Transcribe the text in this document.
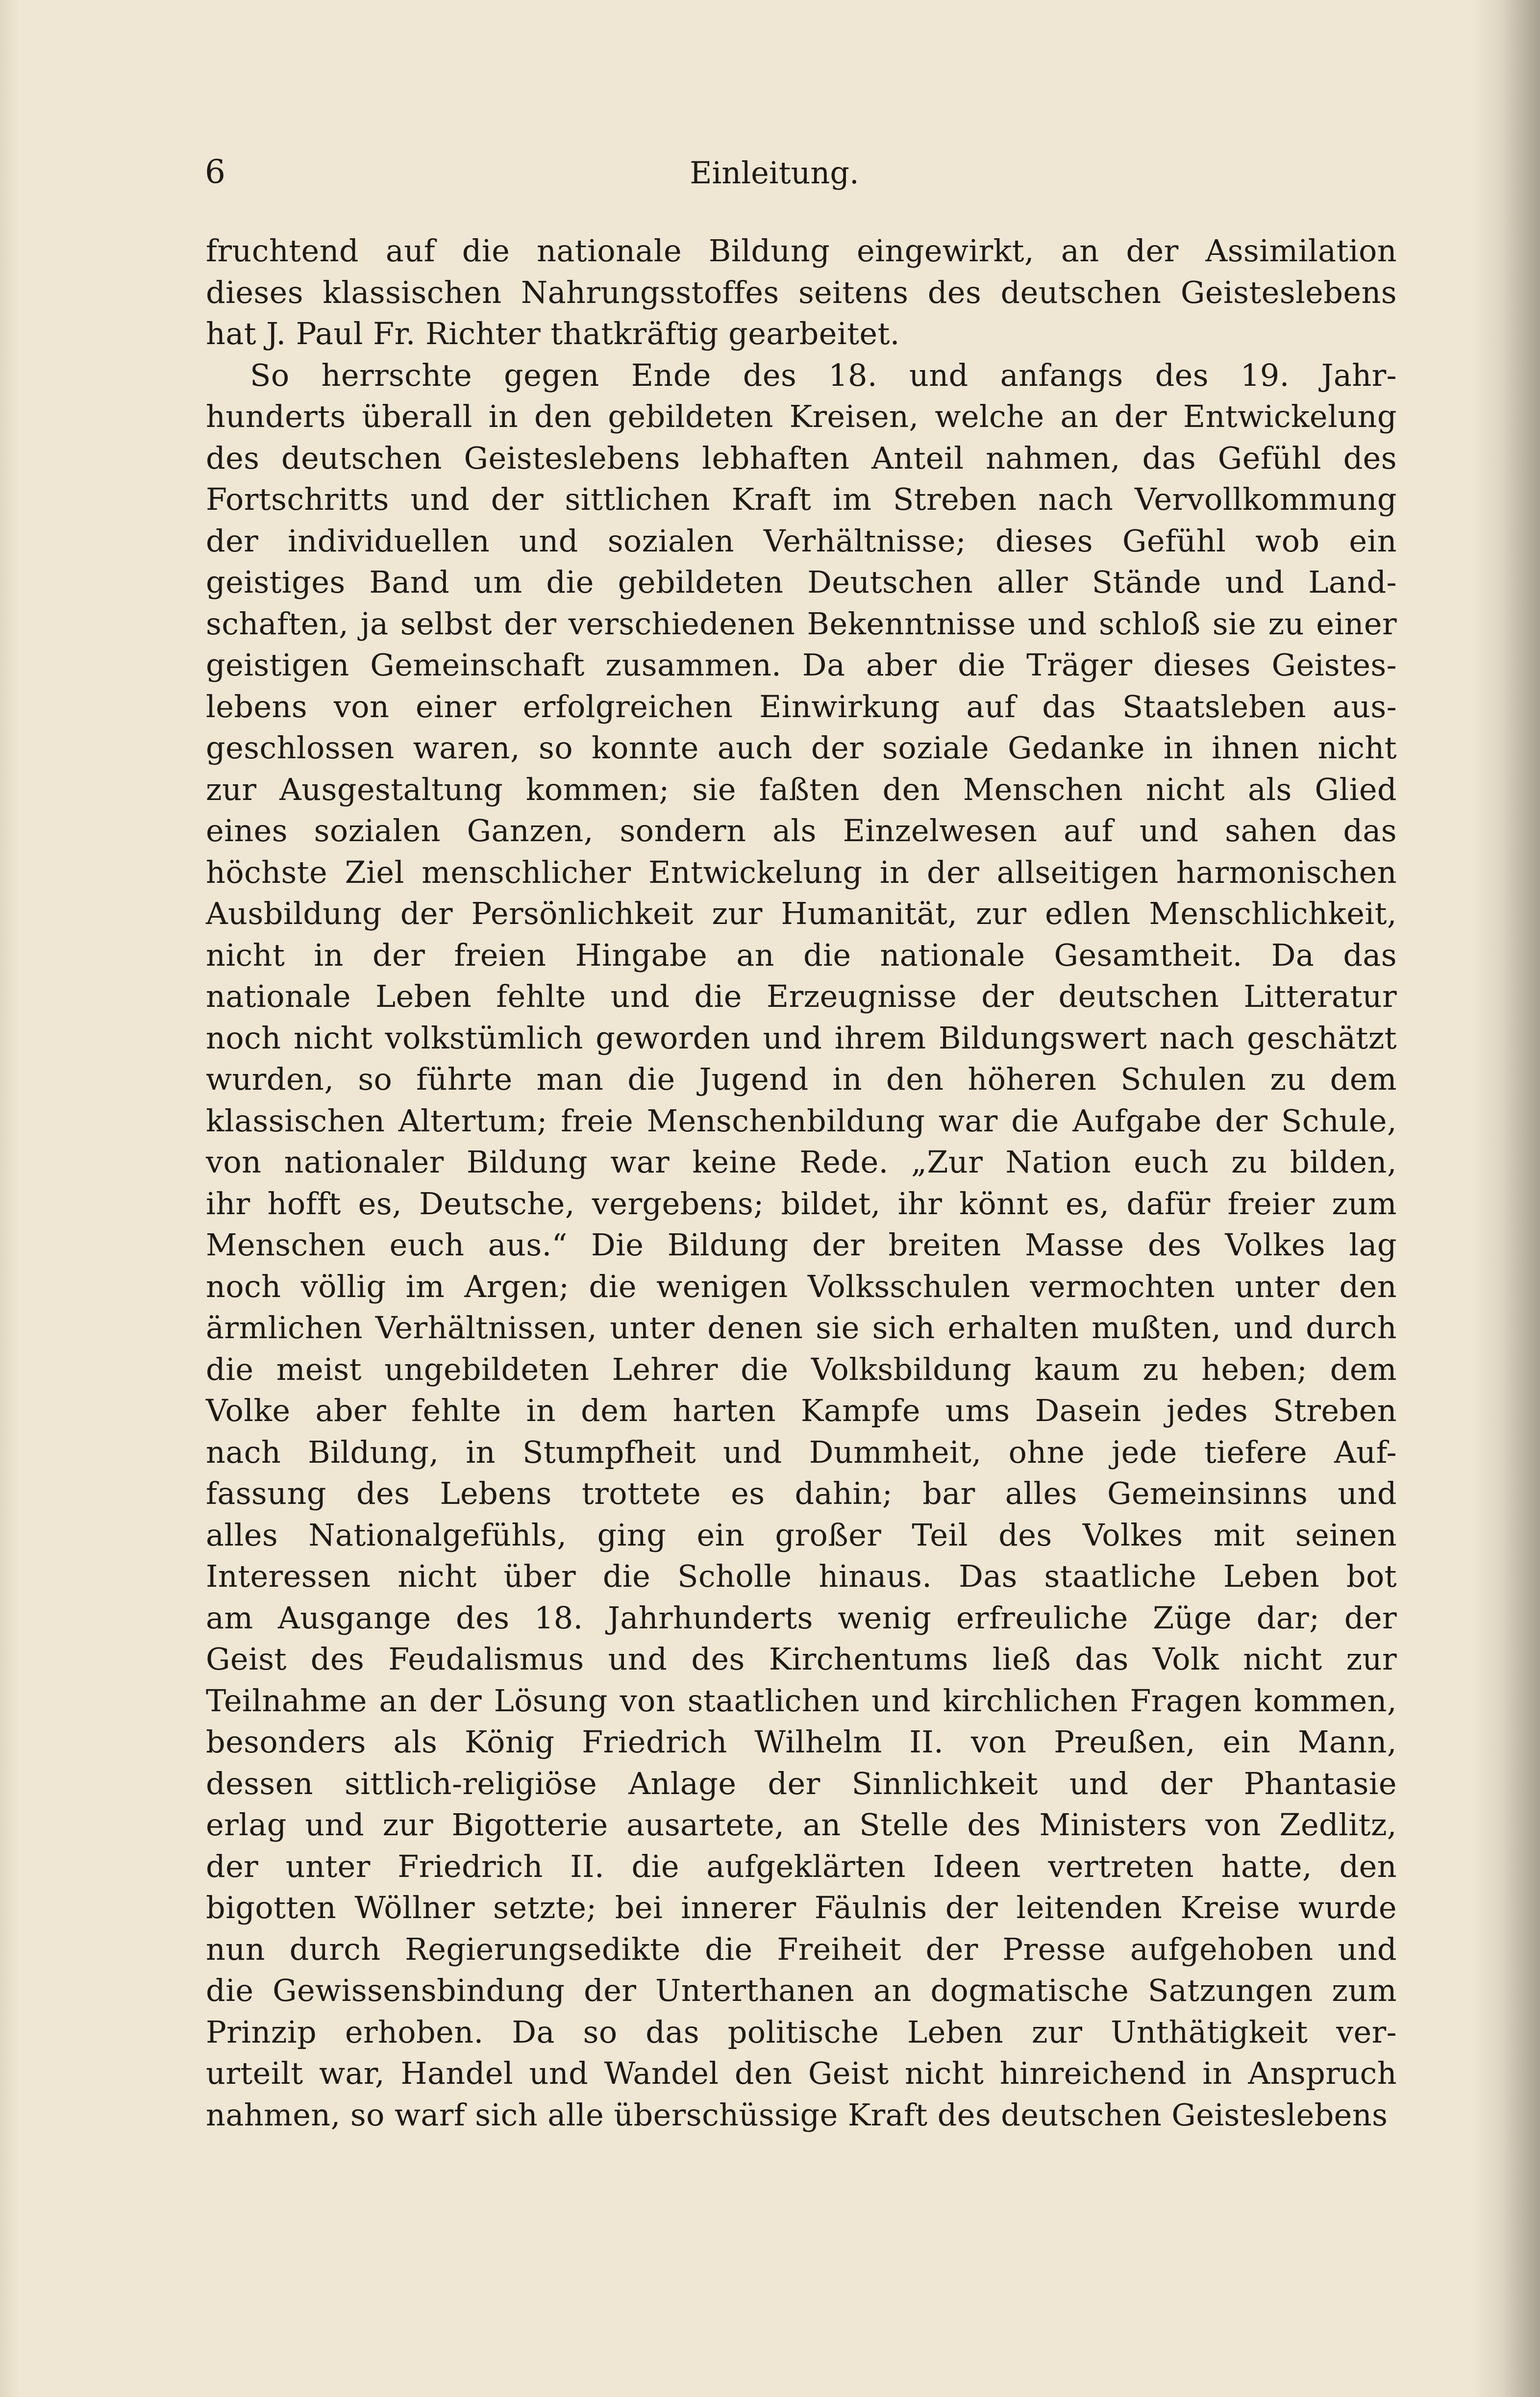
6	Einleitung.
fruchtend auf die nationale Bildung eingewirkt, an der Assimilation
dieses klassischen Nahrungsstoffes seitens des deutschen Geisteslebens
hat J. Paul Fr. Richter thatkräftig gearbeitet.
So herrschte gegen Ende des 18. und anfangs des 19. Jahr-
hunderts überall in den gebildeten Kreisen, welche an der Entwickelung
des deutschen Geisteslebens lebhaften Anteil nahmen, das Gefühl des
Fortschritts und der sittlichen Kraft im Streben nach Vervollkommung
der individuellen und sozialen Verhältnisse; dieses Gefühl wob ein
geistiges Band um die gebildeten Deutschen aller Stände und Land-
schaften, ja selbst der verschiedenen Bekenntnisse und schloß sie zu einer
geistigen Gemeinschaft zusammen. Da aber die Träger dieses Geistes-
lebens von einer erfolgreichen Einwirkung auf das Staatsleben aus-
geschlossen waren, so konnte auch der soziale Gedanke in ihnen nicht
zur Ausgestaltung kommen; sie faßten den Menschen nicht als Glied
eines sozialen Ganzen, sondern als Einzelwesen auf und sahen das
höchste Ziel menschlicher Entwickelung in der allseitigen harmonischen
Ausbildung der Persönlichkeit zur Humanität, zur edlen Menschlichkeit,
nicht in der freien Hingabe an die nationale Gesamtheit. Da das
nationale Leben fehlte und die Erzeugnisse der deutschen Litteratur
noch nicht volkstümlich geworden und ihrem Bildungswert nach geschätzt
wurden, so führte man die Jugend in den höheren Schulen zu dem
klassischen Altertum; freie Menschenbildung war die Aufgabe der Schule,
von nationaler Bildung war keine Rede. „Zur Nation euch zu bilden,
ihr hofft es, Deutsche, vergebens; bildet, ihr könnt es, dafür freier zum
Menschen euch aus.“ Die Bildung der breiten Masse des Volkes lag
noch völlig im Argen; die wenigen Volksschulen vermochten unter den
ärmlichen Verhältnissen, unter denen sie sich erhalten mußten, und durch
die meist ungebildeten Lehrer die Volksbildung kaum zu heben; dem
Volke aber fehlte in dem harten Kampfe ums Dasein jedes Streben
nach Bildung, in Stumpfheit und Dummheit, ohne jede tiefere Auf-
fassung des Lebens trottete es dahin; bar alles Gemeinsinns und
alles Nationalgefühls, ging ein großer Teil des Volkes mit seinen
Interessen nicht über die Scholle hinaus. Das staatliche Leben bot
am Ausgange des 18. Jahrhunderts wenig erfreuliche Züge dar; der
Geist des Feudalismus und des Kirchentums ließ das Volk nicht zur
Teilnahme an der Lösung von staatlichen und kirchlichen Fragen kommen,
besonders als König Friedrich Wilhelm II. von Preußen, ein Mann,
dessen sittlich-religiöse Anlage der Sinnlichkeit und der Phantasie
erlag und zur Bigotterie ausartete, an Stelle des Ministers von Zedlitz,
der unter Friedrich II. die aufgeklärten Ideen vertreten hatte, den
bigotten Wöllner setzte; bei innerer Fäulnis der leitenden Kreise wurde
nun durch Regierungsedikte die Freiheit der Presse aufgehoben und
die Gewissensbindung der Unterthanen an dogmatische Satzungen zum
Prinzip erhoben. Da so das politische Leben zur Unthätigkeit ver-
urteilt war, Handel und Wandel den Geist nicht hinreichend in Anspruch
nahmen, so warf sich alle überschüssige Kraft des deutschen Geisteslebens
